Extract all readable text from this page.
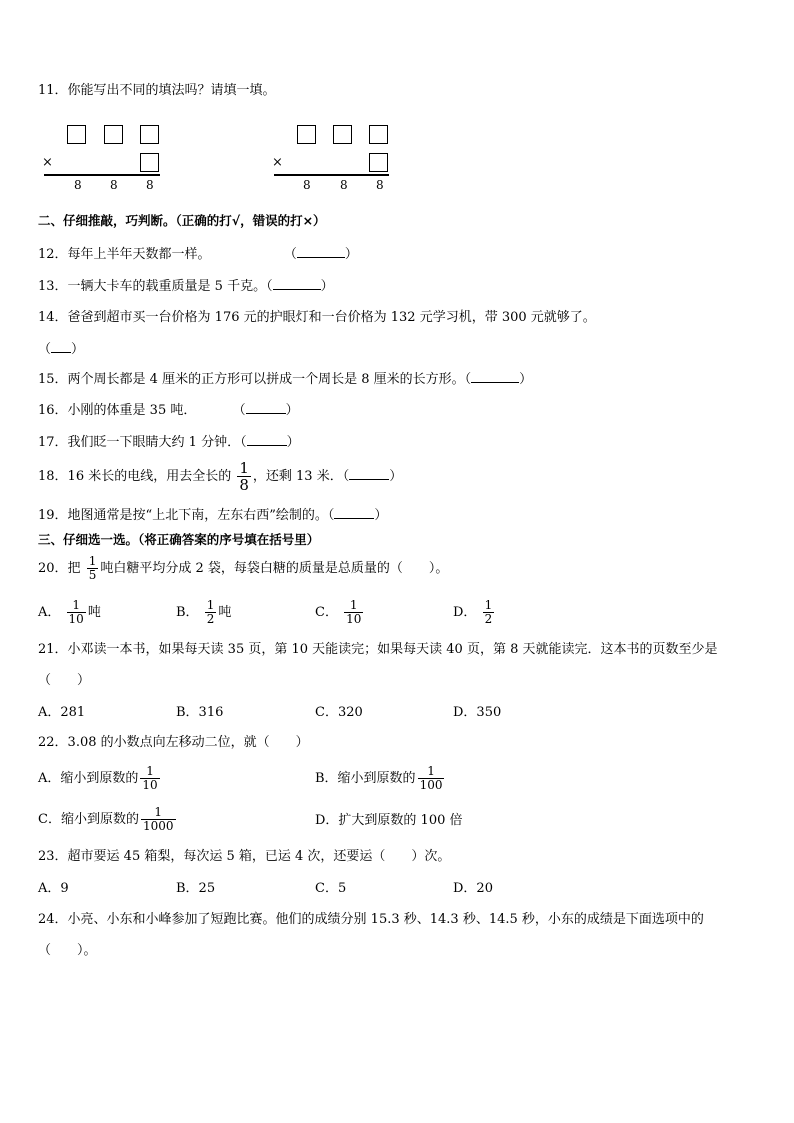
11．你能写出不同的填法吗？请填一填。
×
8 8 8
×
8 8 8
二、仔细推敲，巧判断。（正确的打√，错误的打×）
12．每年上半年天数都一样。	（	）
13．一辆大卡车的载重质量是 5 千克。（	）
14．爸爸到超市买一台价格为 176 元的护眼灯和一台价格为 132 元学习机，带 300 元就够了。
（ ）
15．两个周长都是 4 厘米的正方形可以拼成一个周长是 8 厘米的长方形。（	）
16．小刚的体重是 35 吨．	（	）
17．我们眨一下眼睛大约 1 分钟．（	）
18．16 米长的电线，用去全长的 $\frac{1}{8}$ ，还剩 13 米．（	）
19．地图通常是按“上北下南，左东右西”绘制的。（	）
三、仔细选一选。（将正确答案的序号填在括号里）
20．把 $\frac{1}{5}$ 吨白糖平均分成 2 袋，每袋白糖的质量是总质量的（　　）。
A． $\frac{1}{10}$ 吨	B． $\frac{1}{2}$ 吨	C． $\frac{1}{10}$	D． $\frac{1}{2}$
21．小邓读一本书，如果每天读 35 页，第 10 天能读完；如果每天读 40 页，第 8 天就能读完．这本书的页数至少是
（　　）
A．281	B．316	C．320	D．350
22．3.08 的小数点向左移动二位，就（　　）
A．缩小到原数的 $\frac{1}{10}$	B．缩小到原数的 $\frac{1}{100}$
C．缩小到原数的 $\frac{1}{1000}$	D．扩大到原数的 100 倍
23．超市要运 45 箱梨，每次运 5 箱，已运 4 次，还要运（　　）次。
A．9	B．25	C．5	D．20
24．小亮、小东和小峰参加了短跑比赛。他们的成绩分别 15.3 秒、14.3 秒、14.5 秒，小东的成绩是下面选项中的
（　　）。
